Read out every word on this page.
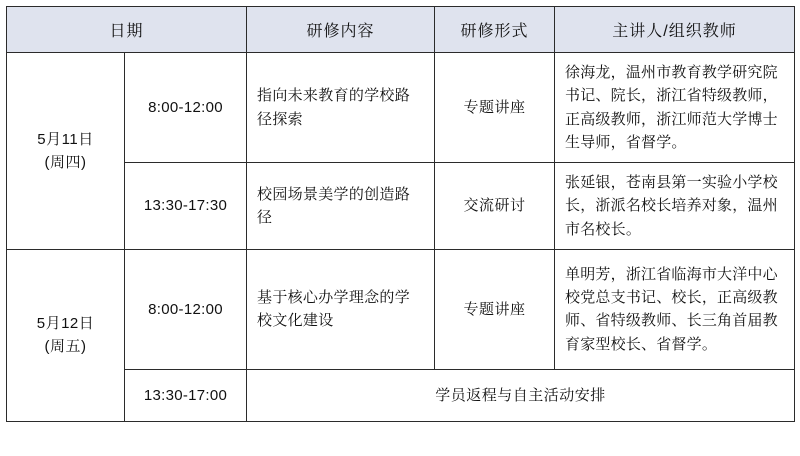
日期		研修内容	研修形式	主讲人/组织教师

5月11日
(周四)	8:00-12:00	指向未来教育的学校路径探索	专题讲座	徐海龙，温州市教育教学研究院书记、院长，浙江省特级教师，正高级教师，浙江师范大学博士生导师，省督学。
	13:30-17:30	校园场景美学的创造路径	交流研讨	张延银，苍南县第一实验小学校长，浙派名校长培养对象，温州市名校长。

5月12日
(周五)	8:00-12:00	基于核心办学理念的学校文化建设	专题讲座	单明芳，浙江省临海市大洋中心校党总支书记、校长，正高级教师、省特级教师、长三角首届教育家型校长、省督学。
	13:30-17:00	学员返程与自主活动安排		
